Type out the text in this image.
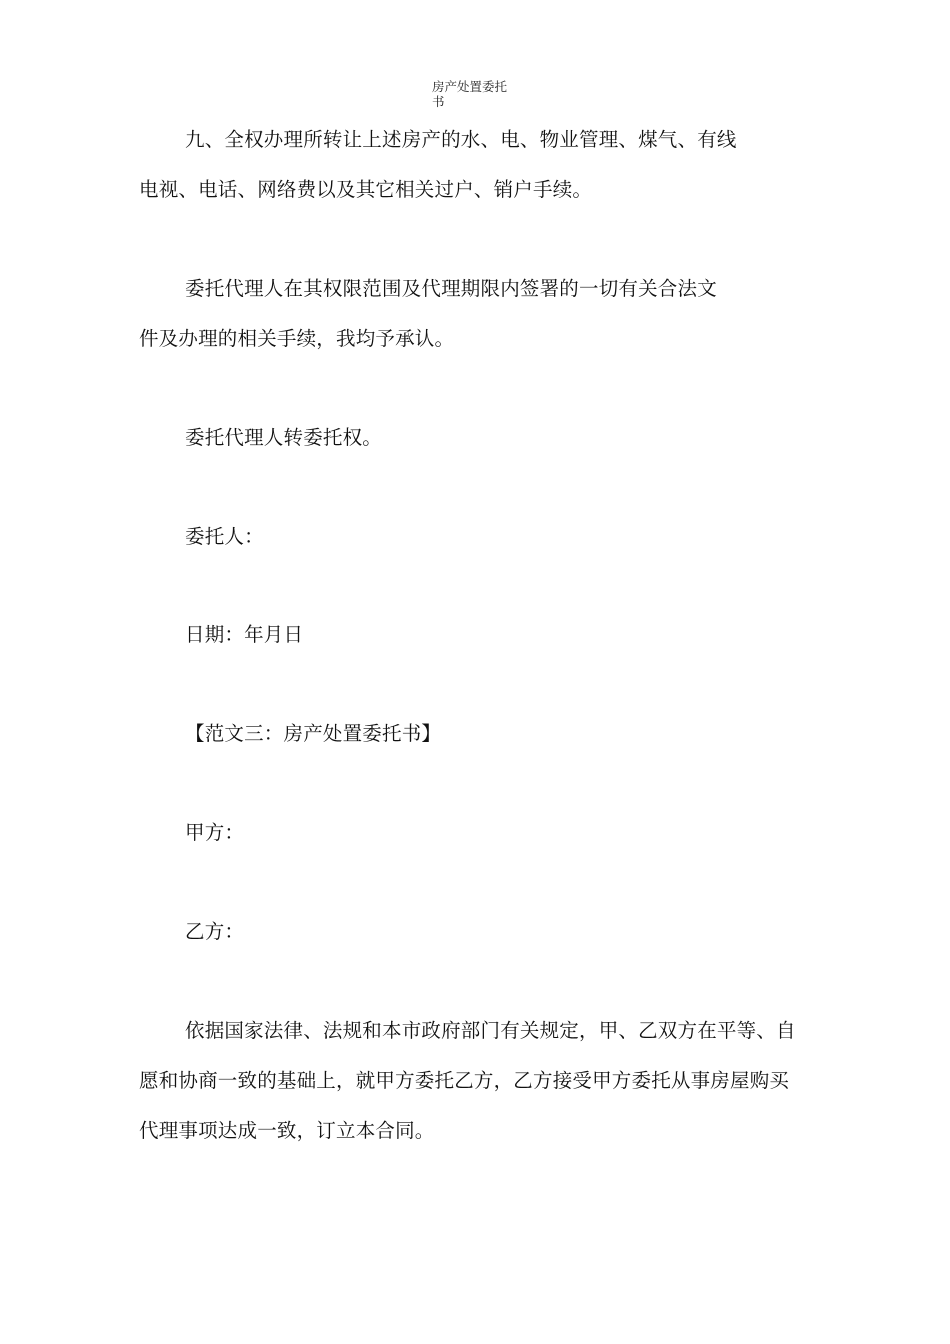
房产处置委托
书
九、全权办理所转让上述房产的水、电、物业管理、煤气、有线
电视、电话、网络费以及其它相关过户、销户手续。
委托代理人在其权限范围及代理期限内签署的一切有关合法文
件及办理的相关手续，我均予承认。
委托代理人转委托权。
委托人：
日期：年月日
【范文三：房产处置委托书】
甲方：
乙方：
依据国家法律、法规和本市政府部门有关规定，甲、乙双方在平等、自
愿和协商一致的基础上，就甲方委托乙方，乙方接受甲方委托从事房屋购买
代理事项达成一致，订立本合同。
